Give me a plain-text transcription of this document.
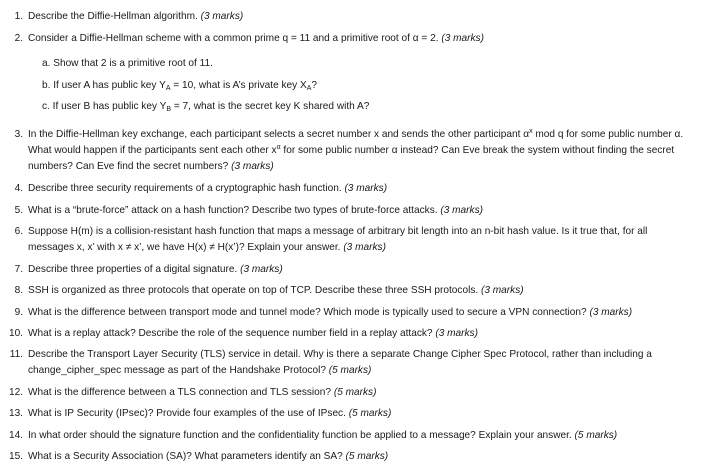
1. Describe the Diffie-Hellman algorithm. (3 marks)
2. Consider a Diffie-Hellman scheme with a common prime q = 11 and a primitive root of α = 2. (3 marks)
a. Show that 2 is a primitive root of 11.
b. If user A has public key $Y_A = 10$, what is A’s private key $X_A$?
c. If user B has public key $Y_B = 7$, what is the secret key K shared with A?
3. In the Diffie-Hellman key exchange, each participant selects a secret number x and sends the other participant $\alpha^x$ mod q for some public number α.
What would happen if the participants sent each other $x^\alpha$ for some public number α instead? Can Eve break the system without finding the secret
numbers? Can Eve find the secret numbers? (3 marks)
4. Describe three security requirements of a cryptographic hash function. (3 marks)
5. What is a “brute-force” attack on a hash function? Describe two types of brute-force attacks. (3 marks)
6. Suppose H(m) is a collision-resistant hash function that maps a message of arbitrary bit length into an n-bit hash value. Is it true that, for all
messages x, x’ with x ≠ x’, we have H(x) ≠ H(x’)? Explain your answer. (3 marks)
7. Describe three properties of a digital signature. (3 marks)
8. SSH is organized as three protocols that operate on top of TCP. Describe these three SSH protocols. (3 marks)
9. What is the difference between transport mode and tunnel mode? Which mode is typically used to secure a VPN connection? (3 marks)
10. What is a replay attack? Describe the role of the sequence number field in a replay attack? (3 marks)
11. Describe the Transport Layer Security (TLS) service in detail. Why is there a separate Change Cipher Spec Protocol, rather than including a
change_cipher_spec message as part of the Handshake Protocol? (5 marks)
12. What is the difference between a TLS connection and TLS session? (5 marks)
13. What is IP Security (IPsec)? Provide four examples of the use of IPsec. (5 marks)
14. In what order should the signature function and the confidentiality function be applied to a message? Explain your answer. (5 marks)
15. What is a Security Association (SA)? What parameters identify an SA? (5 marks)
